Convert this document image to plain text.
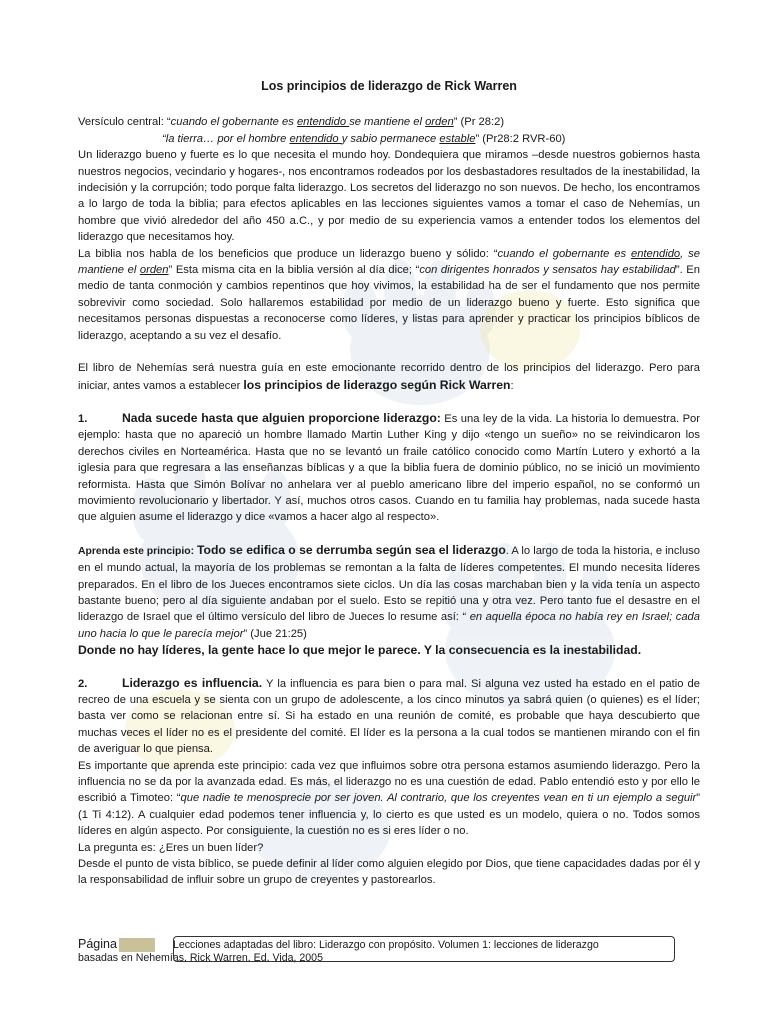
Los principios de liderazgo de Rick Warren

Versículo central: “cuando el gobernante es entendido se mantiene el orden” (Pr 28:2)

“la tierra… por el hombre entendido y sabio permanece estable” (Pr28:2 RVR-60)

Un liderazgo bueno y fuerte es lo que necesita el mundo hoy. Dondequiera que miramos –desde nuestros gobiernos hasta nuestros negocios, vecindario y hogares-, nos encontramos rodeados por los desbastadores resultados de la inestabilidad, la indecisión y la corrupción; todo porque falta liderazgo. Los secretos del liderazgo no son nuevos. De hecho, los encontramos a lo largo de toda la biblia; para efectos aplicables en las lecciones siguientes vamos a tomar el caso de Nehemías, un hombre que vivió alrededor del año 450 a.C., y por medio de su experiencia vamos a entender todos los elementos del liderazgo que necesitamos hoy.

La biblia nos habla de los beneficios que produce un liderazgo bueno y sólido: “cuando el gobernante es entendido, se mantiene el orden” Esta misma cita en la biblia versión al día dice; “con dirigentes honrados y sensatos hay estabilidad”. En medio de tanta conmoción y cambios repentinos que hoy vivimos, la estabilidad ha de ser el fundamento que nos permite sobrevivir como sociedad. Solo hallaremos estabilidad por medio de un liderazgo bueno y fuerte. Esto significa que necesitamos personas dispuestas a reconocerse como líderes, y listas para aprender y practicar los principios bíblicos de liderazgo, aceptando a su vez el desafío.

El libro de Nehemías será nuestra guía en este emocionante recorrido dentro de los principios del liderazgo. Pero para iniciar, antes vamos a establecer los principios de liderazgo según Rick Warren:

1.	Nada sucede hasta que alguien proporcione liderazgo: Es una ley de la vida. La historia lo demuestra. Por ejemplo: hasta que no apareció un hombre llamado Martin Luther King y dijo «tengo un sueño» no se reivindicaron los derechos civiles en Norteamérica. Hasta que no se levantó un fraile católico conocido como Martín Lutero y exhortó a la iglesia para que regresara a las enseñanzas bíblicas y a que la biblia fuera de dominio público, no se inició un movimiento reformista. Hasta que Simón Bolívar no anhelara ver al pueblo americano libre del imperio español, no se conformó un movimiento revolucionario y libertador. Y así, muchos otros casos. Cuando en tu familia hay problemas, nada sucede hasta que alguien asume el liderazgo y dice «vamos a hacer algo al respecto».

Aprenda este principio: Todo se edifica o se derrumba según sea el liderazgo. A lo largo de toda la historia, e incluso en el mundo actual, la mayoría de los problemas se remontan a la falta de líderes competentes. El mundo necesita líderes preparados. En el libro de los Jueces encontramos siete ciclos. Un día las cosas marchaban bien y la vida tenía un aspecto bastante bueno; pero al día siguiente andaban por el suelo. Esto se repitió una y otra vez. Pero tanto fue el desastre en el liderazgo de Israel que el último versículo del libro de Jueces lo resume así: “ en aquella época no había rey en Israel; cada uno hacia lo que le parecía mejor” (Jue 21:25)

Donde no hay líderes, la gente hace lo que mejor le parece. Y la consecuencia es la inestabilidad.

2.	Liderazgo es influencia. Y la influencia es para bien o para mal. Si alguna vez usted ha estado en el patio de recreo de una escuela y se sienta con un grupo de adolescente, a los cinco minutos ya sabrá quien (o quienes) es el líder; basta ver como se relacionan entre sí. Si ha estado en una reunión de comité, es probable que haya descubierto que muchas veces el líder no es el presidente del comité. El líder es la persona a la cual todos se mantienen mirando con el fin de averiguar lo que piensa.

Es importante que aprenda este principio: cada vez que influimos sobre otra persona estamos asumiendo liderazgo. Pero la influencia no se da por la avanzada edad. Es más, el liderazgo no es una cuestión de edad. Pablo entendió esto y por ello le escribió a Timoteo: “que nadie te menosprecie por ser joven. Al contrario, que los creyentes vean en ti un ejemplo a seguir” (1 Ti 4:12). A cualquier edad podemos tener influencia y, lo cierto es que usted es un modelo, quiera o no. Todos somos líderes en algún aspecto. Por consiguiente, la cuestión no es si eres líder o no.

La pregunta es: ¿Eres un buen líder?

Desde el punto de vista bíblico, se puede definir al líder como alguien elegido por Dios, que tiene capacidades dadas por él y la responsabilidad de influir sobre un grupo de creyentes y pastorearlos.

Página	Lecciones adaptadas del libro: Liderazgo con propósito. Volumen 1: lecciones de liderazgo
basadas en Nehemías. Rick Warren. Ed. Vida, 2005
